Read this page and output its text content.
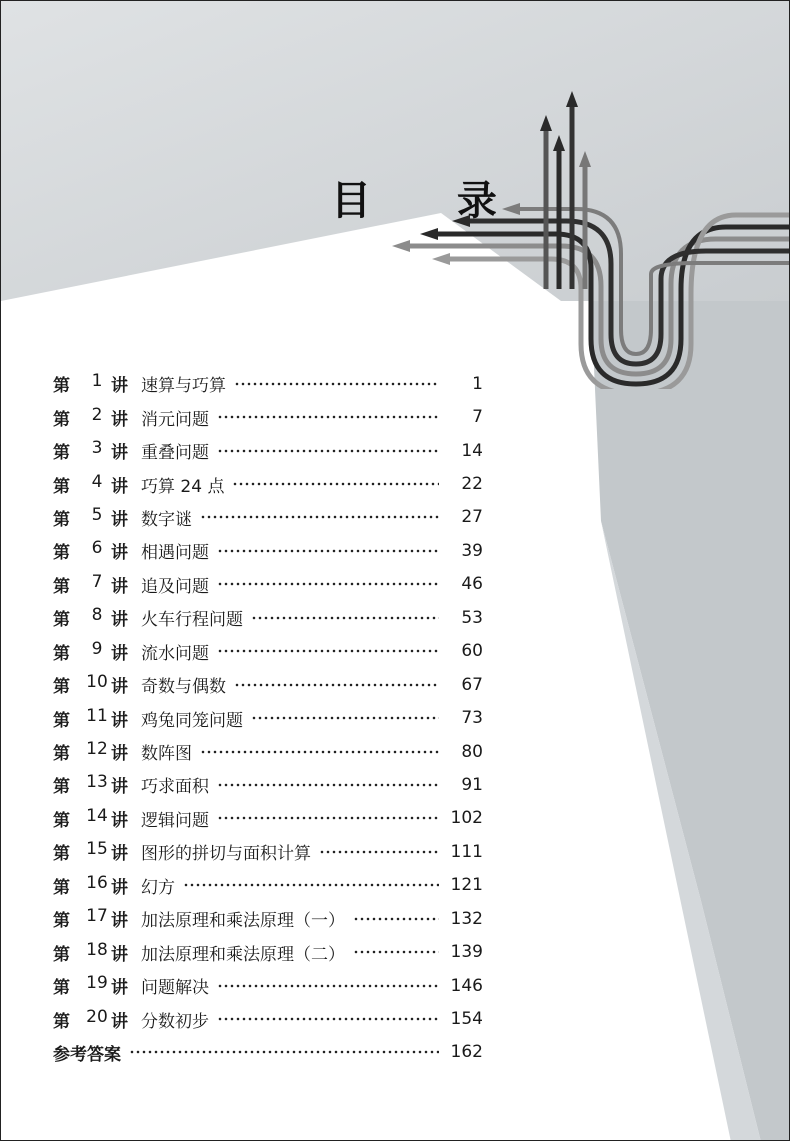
目 录
第	1 讲 速算与巧算	1
第	2 讲 消元问题	7
第	3 讲 重叠问题	14
第	4 讲 巧算 24 点	22
第	5 讲 数字谜	27
第	6 讲 相遇问题	39
第	7 讲 追及问题	46
第	8 讲 火车行程问题	53
第	9 讲 流水问题	60
第 10 讲 奇数与偶数	67
第 11 讲 鸡兔同笼问题	73
第 12 讲 数阵图	80
第 13 讲 巧求面积	91
第 14 讲 逻辑问题	102
第 15 讲 图形的拼切与面积计算	111
第 16 讲 幻方	121
第 17 讲 加法原理和乘法原理（一）	132
第 18 讲 加法原理和乘法原理（二）	139
第 19 讲 问题解决	146
第 20 讲 分数初步	154
参考答案	162
